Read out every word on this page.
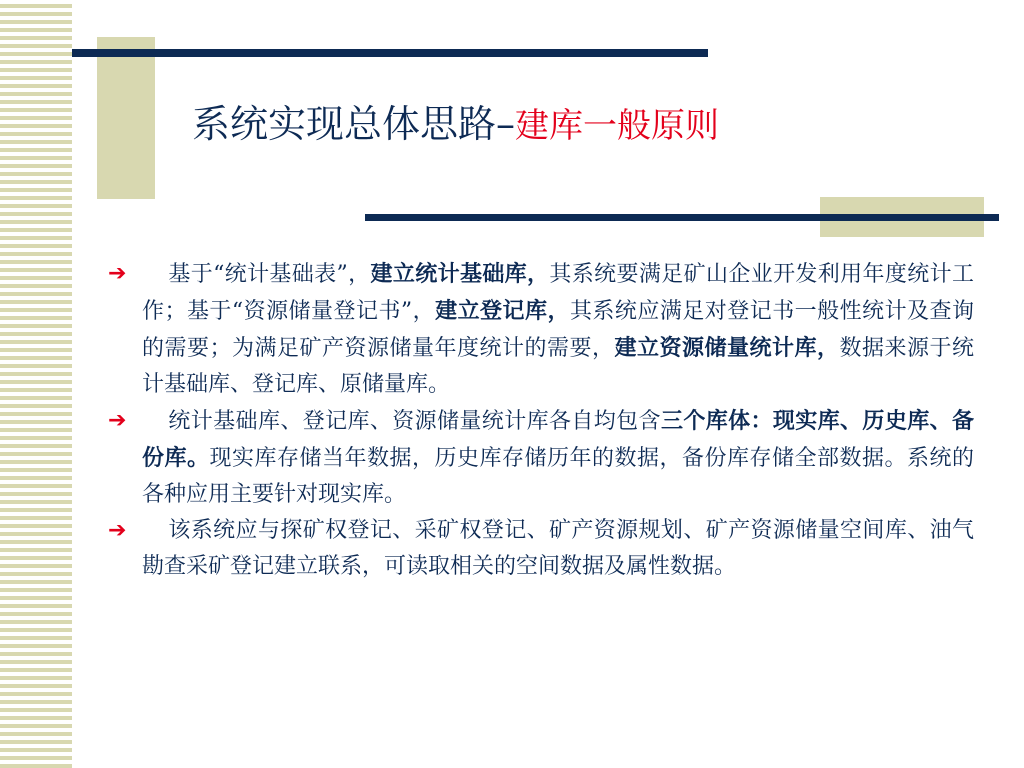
系统实现总体思路–建库一般原则
➔ 基于“统计基础表”，建立统计基础库，其系统要满足矿山企业开发利用年度统计工作；基于“资源储量登记书”，建立登记库，其系统应满足对登记书一般性统计及查询的需要；为满足矿产资源储量年度统计的需要，建立资源储量统计库，数据来源于统计基础库、登记库、原储量库。
➔ 统计基础库、登记库、资源储量统计库各自均包含三个库体：现实库、历史库、备份库。现实库存储当年数据，历史库存储历年的数据，备份库存储全部数据。系统的各种应用主要针对现实库。
➔ 该系统应与探矿权登记、采矿权登记、矿产资源规划、矿产资源储量空间库、油气勘查采矿登记建立联系，可读取相关的空间数据及属性数据。
